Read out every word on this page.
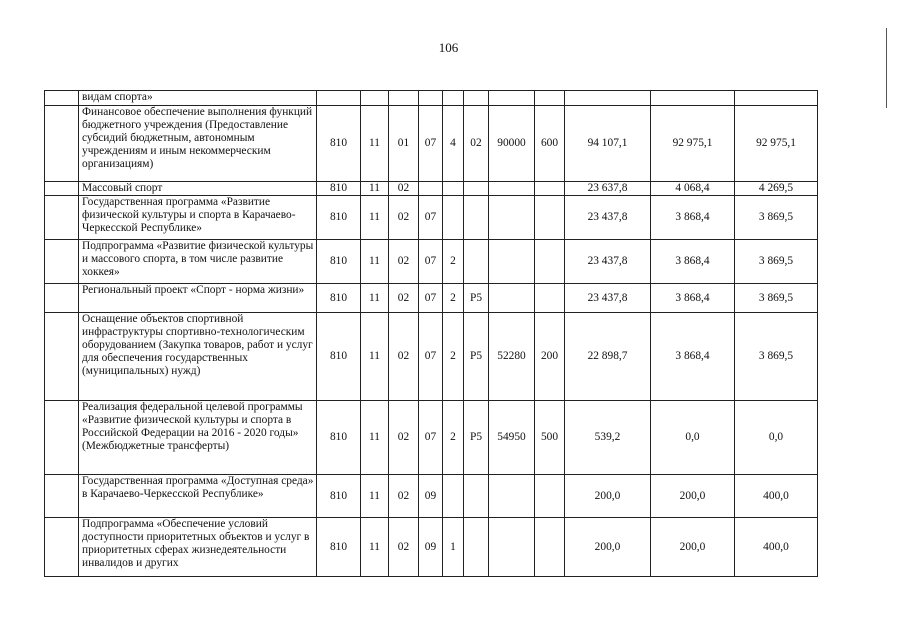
106
	видам спорта»											
	Финансовое обеспечение выполнения функций бюджетного учреждения (Предоставление субсидий бюджетным, автономным учреждениям и иным некоммерческим организациям)	810	11	01	07	4	02	90000	600	94 107,1	92 975,1	92 975,1
	Массовый спорт	810	11	02						23 637,8	4 068,4	4 269,5
	Государственная программа «Развитие физической культуры и спорта в Карачаево-Черкесской Республике»	810	11	02	07					23 437,8	3 868,4	3 869,5
	Подпрограмма «Развитие физической культуры и массового спорта, в том числе развитие хоккея»	810	11	02	07	2				23 437,8	3 868,4	3 869,5
	Региональный проект «Спорт - норма жизни»	810	11	02	07	2	P5			23 437,8	3 868,4	3 869,5
	Оснащение объектов спортивной инфраструктуры спортивно-технологическим оборудованием (Закупка товаров, работ и услуг для обеспечения государственных (муниципальных) нужд)	810	11	02	07	2	P5	52280	200	22 898,7	3 868,4	3 869,5
	Реализация федеральной целевой программы «Развитие физической культуры и спорта в Российской Федерации на 2016 - 2020 годы» (Межбюджетные трансферты)	810	11	02	07	2	P5	54950	500	539,2	0,0	0,0
	Государственная программа «Доступная среда» в Карачаево-Черкесской Республике»	810	11	02	09					200,0	200,0	400,0
	Подпрограмма «Обеспечение условий доступности приоритетных объектов и услуг в приоритетных сферах жизнедеятельности инвалидов и других	810	11	02	09	1				200,0	200,0	400,0
